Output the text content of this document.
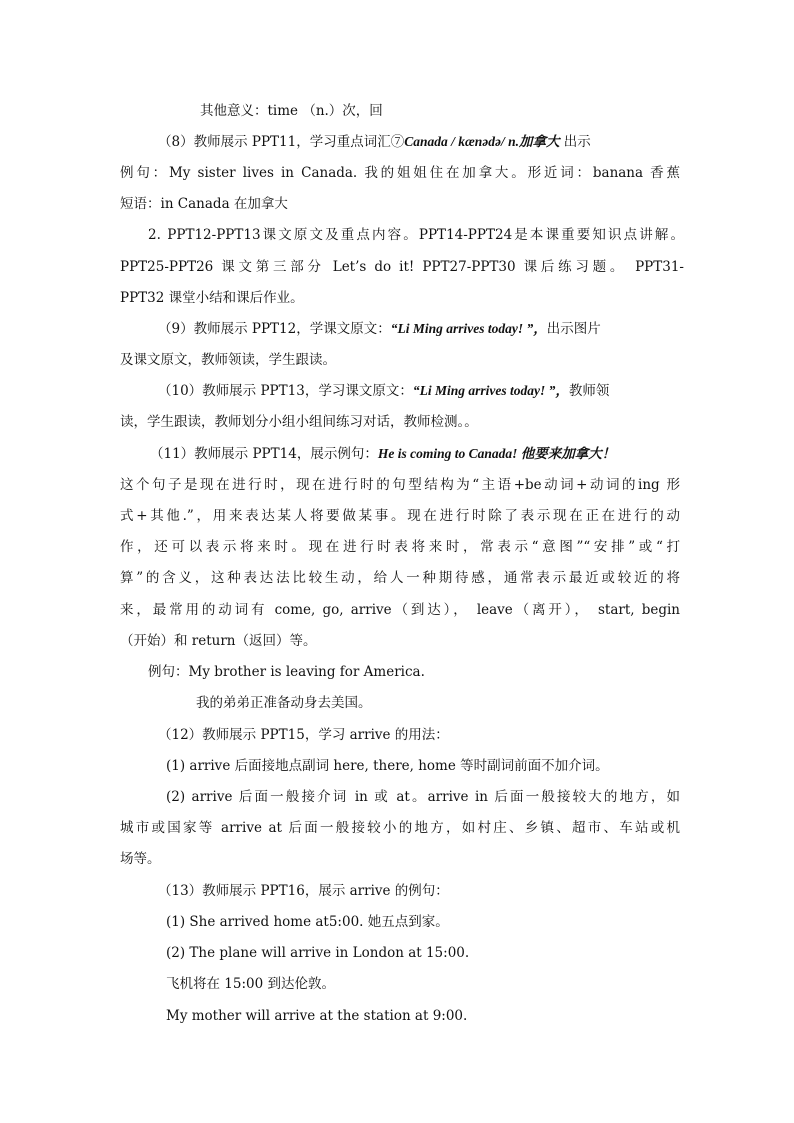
其他意义：time （n.）次，回
（8）教师展示 PPT11，学习重点词汇⑦Canada / kænədə/ n.加拿大 出示
例句：My sister lives in Canada. 我的姐姐住在加拿大。形近词：banana 香蕉
短语：in Canada 在加拿大
2. PPT12-PPT13课文原文及重点内容。PPT14-PPT24是本课重要知识点讲解。
PPT25-PPT26 课文第三部分 Let’s do it! PPT27-PPT30 课后练习题。 PPT31-
PPT32 课堂小结和课后作业。
（9）教师展示 PPT12，学课文原文：“Li Ming arrives today! ”，出示图片
及课文原文，教师领读，学生跟读。
（10）教师展示 PPT13，学习课文原文：“Li Ming arrives today! ”，教师领
读，学生跟读，教师划分小组小组间练习对话，教师检测。。
（11）教师展示 PPT14，展示例句：He is coming to Canada! 他要来加拿大！
这个句子是现在进行时，现在进行时的句型结构为“主语+be动词+动词的ing 形
式+其他.”，用来表达某人将要做某事。现在进行时除了表示现在正在进行的动
作，还可以表示将来时。现在进行时表将来时，常表示“意图”“安排”或“打
算”的含义，这种表达法比较生动，给人一种期待感，通常表示最近或较近的将
来，最常用的动词有 come, go, arrive（到达）， leave（离开）， start, begin
（开始）和 return（返回）等。
例句：My brother is leaving for America.
我的弟弟正准备动身去美国。
（12）教师展示 PPT15，学习 arrive 的用法：
(1) arrive 后面接地点副词 here, there, home 等时副词前面不加介词。
(2) arrive 后面一般接介词 in 或 at。arrive in 后面一般接较大的地方，如
城市或国家等 arrive at 后面一般接较小的地方，如村庄、乡镇、超市、车站或机
场等。
（13）教师展示 PPT16，展示 arrive 的例句：
(1) She arrived home at5:00. 她五点到家。
(2) The plane will arrive in London at 15:00.
飞机将在 15:00 到达伦敦。
My mother will arrive at the station at 9:00.
